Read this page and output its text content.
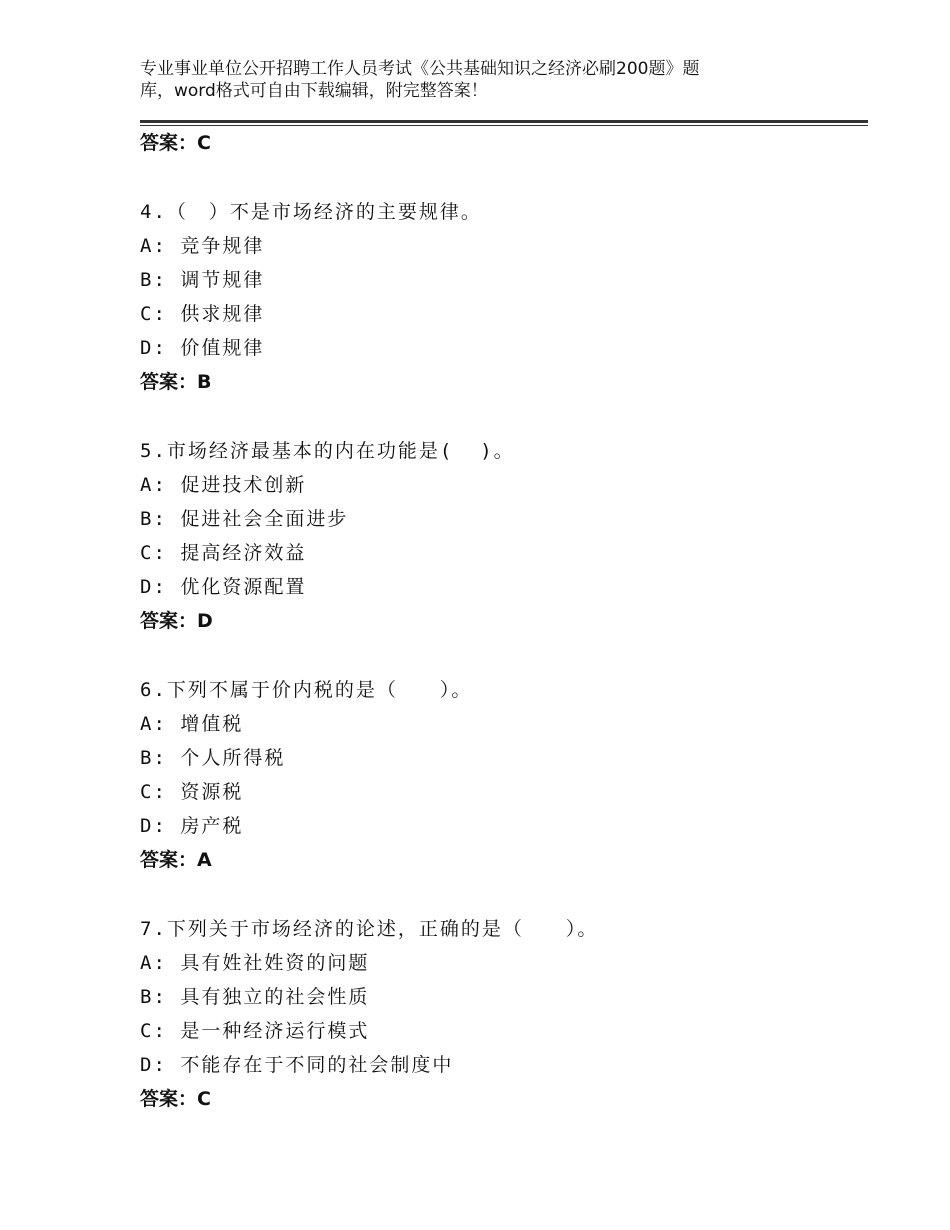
专业事业单位公开招聘工作人员考试《公共基础知识之经济必刷200题》题
库，word格式可自由下载编辑，附完整答案！
答案：C
4.（　）不是市场经济的主要规律。
A: 竞争规律
B: 调节规律
C: 供求规律
D: 价值规律
答案：B
5.市场经济最基本的内在功能是(  )。
A: 促进技术创新
B: 促进社会全面进步
C: 提高经济效益
D: 优化资源配置
答案：D
6.下列不属于价内税的是（　　）。
A: 增值税
B: 个人所得税
C: 资源税
D: 房产税
答案：A
7.下列关于市场经济的论述，正确的是（　　）。
A: 具有姓社姓资的问题
B: 具有独立的社会性质
C: 是一种经济运行模式
D: 不能存在于不同的社会制度中
答案：C
